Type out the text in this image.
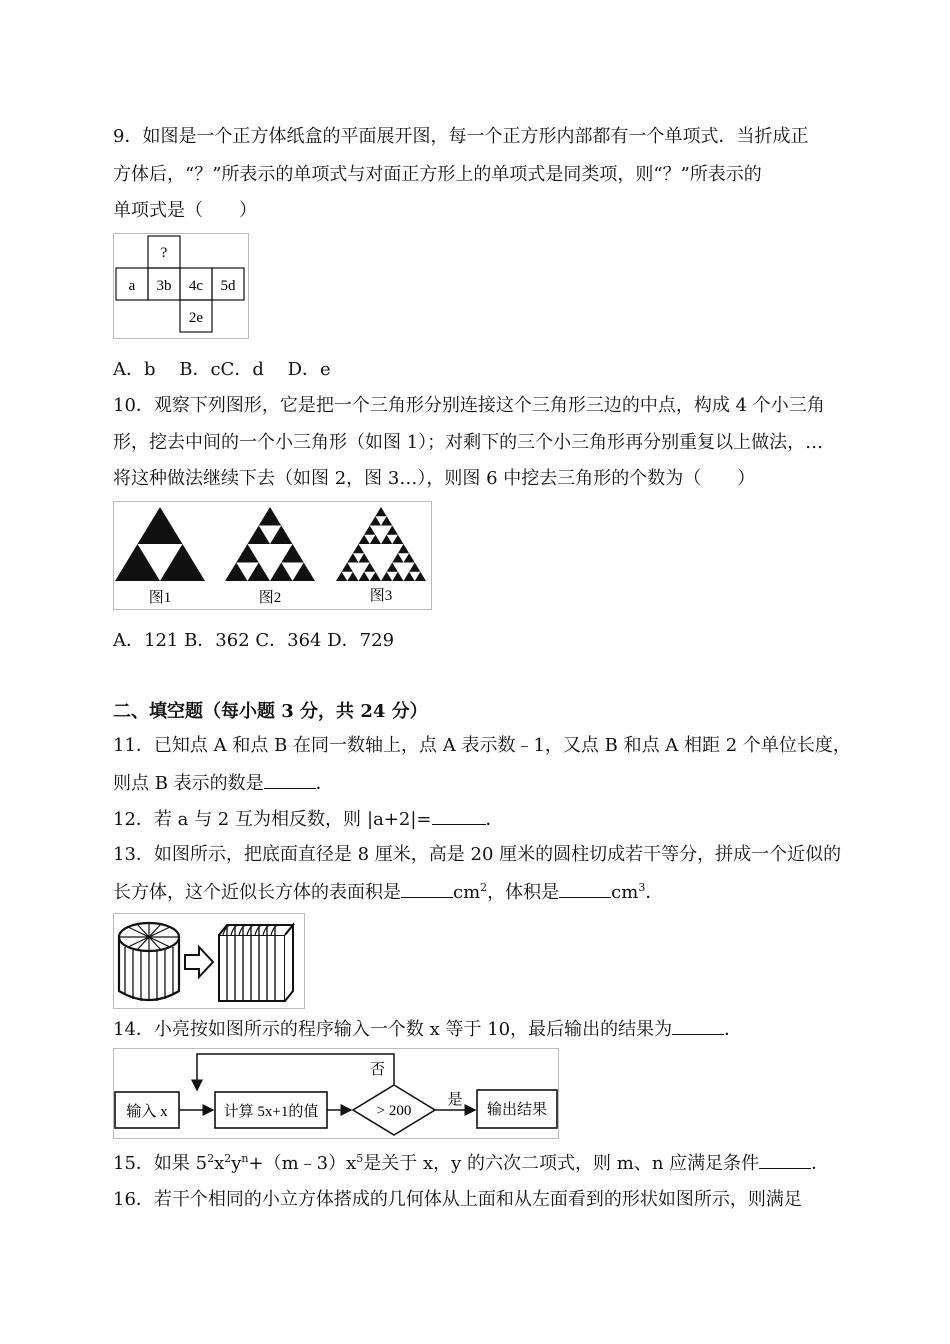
9．如图是一个正方体纸盒的平面展开图，每一个正方形内部都有一个单项式．当折成正
方体后，“？”所表示的单项式与对面正方形上的单项式是同类项，则“？”所表示的
单项式是（　　）
?
a 3b 4c 5d
2e
A．b　 B．cC．d　 D．e
10．观察下列图形，它是把一个三角形分别连接这个三角形三边的中点，构成 4 个小三角
形，挖去中间的一个小三角形（如图 1）；对剩下的三个小三角形再分别重复以上做法，…
将这种做法继续下去（如图 2，图 3…），则图 6 中挖去三角形的个数为（　　）
图1	图2	图3
A．121 B．362 C．364 D．729
二、填空题（每小题 3 分，共 24 分）
11．已知点 A 和点 B 在同一数轴上，点 A 表示数﹣1，又点 B 和点 A 相距 2 个单位长度，
则点 B 表示的数是	．
12．若 a 与 2 互为相反数，则 |a+2|=	．
13．如图所示，把底面直径是 8 厘米，高是 20 厘米的圆柱切成若干等分，拼成一个近似的
长方体，这个近似长方体的表面积是	$cm^2$，体积是	$cm^3$．
14．小亮按如图所示的程序输入一个数 x 等于 10，最后输出的结果为	．
输入 x	计算 5x+1的值	> 200
否
是
输出结果
15．如果 $5^2x^2y^n+(m﹣3)x^5$是关于 x，y 的六次二项式，则 m、n 应满足条件	．
16．若干个相同的小立方体搭成的几何体从上面和从左面看到的形状如图所示，则满足
